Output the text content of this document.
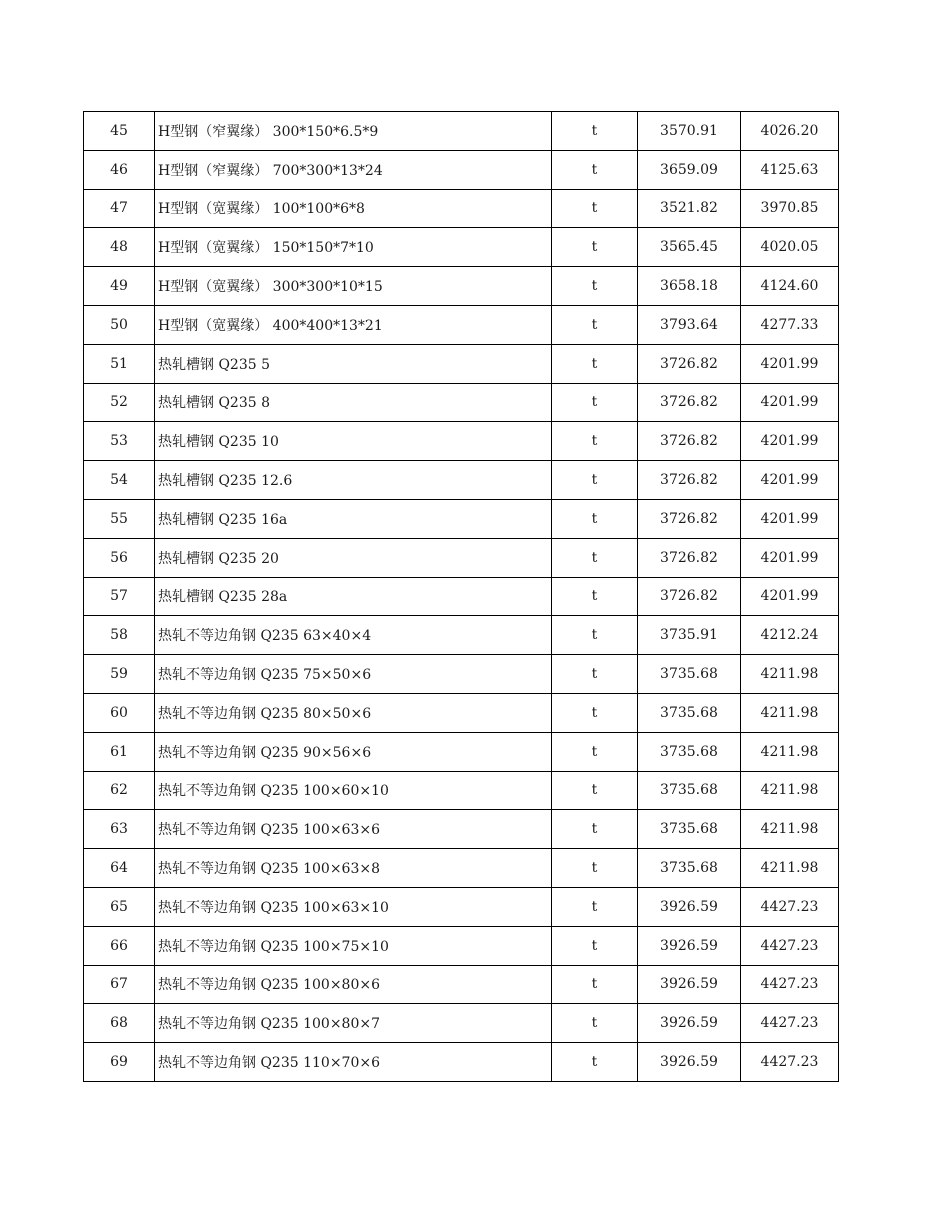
45	H型钢（窄翼缘） 300*150*6.5*9	t	3570.91	4026.20
46	H型钢（窄翼缘） 700*300*13*24	t	3659.09	4125.63
47	H型钢（宽翼缘） 100*100*6*8	t	3521.82	3970.85
48	H型钢（宽翼缘） 150*150*7*10	t	3565.45	4020.05
49	H型钢（宽翼缘） 300*300*10*15	t	3658.18	4124.60
50	H型钢（宽翼缘） 400*400*13*21	t	3793.64	4277.33
51	热轧槽钢 Q235 5	t	3726.82	4201.99
52	热轧槽钢 Q235 8	t	3726.82	4201.99
53	热轧槽钢 Q235 10	t	3726.82	4201.99
54	热轧槽钢 Q235 12.6	t	3726.82	4201.99
55	热轧槽钢 Q235 16a	t	3726.82	4201.99
56	热轧槽钢 Q235 20	t	3726.82	4201.99
57	热轧槽钢 Q235 28a	t	3726.82	4201.99
58	热轧不等边角钢 Q235 63×40×4	t	3735.91	4212.24
59	热轧不等边角钢 Q235 75×50×6	t	3735.68	4211.98
60	热轧不等边角钢 Q235 80×50×6	t	3735.68	4211.98
61	热轧不等边角钢 Q235 90×56×6	t	3735.68	4211.98
62	热轧不等边角钢 Q235 100×60×10	t	3735.68	4211.98
63	热轧不等边角钢 Q235 100×63×6	t	3735.68	4211.98
64	热轧不等边角钢 Q235 100×63×8	t	3735.68	4211.98
65	热轧不等边角钢 Q235 100×63×10	t	3926.59	4427.23
66	热轧不等边角钢 Q235 100×75×10	t	3926.59	4427.23
67	热轧不等边角钢 Q235 100×80×6	t	3926.59	4427.23
68	热轧不等边角钢 Q235 100×80×7	t	3926.59	4427.23
69	热轧不等边角钢 Q235 110×70×6	t	3926.59	4427.23
